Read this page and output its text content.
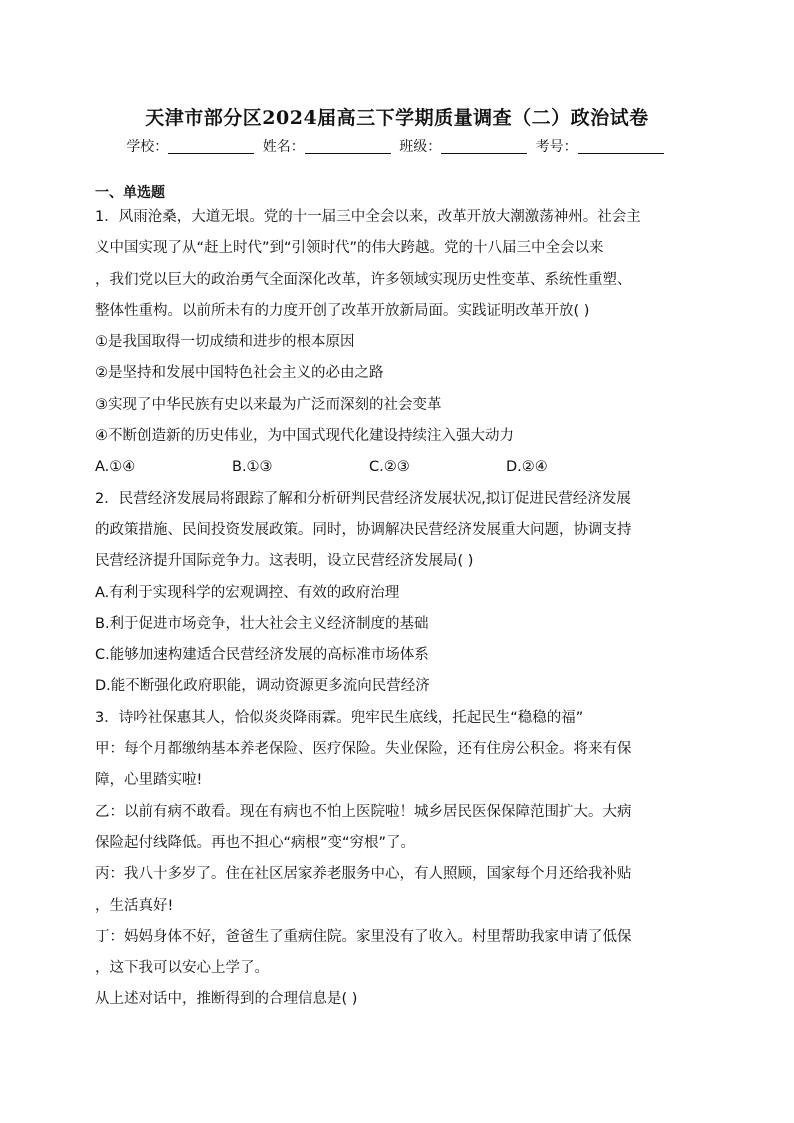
天津市部分区2024届高三下学期质量调查（二）政治试卷
学校：	姓名：	班级：	考号：
一、单选题
1．风雨沧桑，大道无垠。党的十一届三中全会以来，改革开放大潮激荡神州。社会主
义中国实现了从“赶上时代”到“引领时代”的伟大跨越。党的十八届三中全会以来
，我们党以巨大的政治勇气全面深化改革，许多领域实现历史性变革、系统性重塑、
整体性重构。以前所未有的力度开创了改革开放新局面。实践证明改革开放( )
①是我国取得一切成绩和进步的根本原因
②是坚持和发展中国特色社会主义的必由之路
③实现了中华民族有史以来最为广泛而深刻的社会变革
④不断创造新的历史伟业，为中国式现代化建设持续注入强大动力
A.①④	B.①③	C.②③	D.②④
2．民营经济发展局将跟踪了解和分析研判民营经济发展状况,拟订促进民营经济发展
的政策措施、民间投资发展政策。同时，协调解决民营经济发展重大问题，协调支持
民营经济提升国际竞争力。这表明，设立民营经济发展局( )
A.有利于实现科学的宏观调控、有效的政府治理
B.利于促进市场竞争，壮大社会主义经济制度的基础
C.能够加速构建适合民营经济发展的高标准市场体系
D.能不断强化政府职能，调动资源更多流向民营经济
3．诗吟社保惠其人，恰似炎炎降雨霖。兜牢民生底线，托起民生“稳稳的福”
甲：每个月都缴纳基本养老保险、医疗保险。失业保险，还有住房公积金。将来有保
障，心里踏实啦!
乙：以前有病不敢看。现在有病也不怕上医院啦！城乡居民医保保障范围扩大。大病
保险起付线降低。再也不担心“病根”变“穷根”了。
丙：我八十多岁了。住在社区居家养老服务中心，有人照顾，国家每个月还给我补贴
，生活真好!
丁：妈妈身体不好，爸爸生了重病住院。家里没有了收入。村里帮助我家申请了低保
，这下我可以安心上学了。
从上述对话中，推断得到的合理信息是( )
